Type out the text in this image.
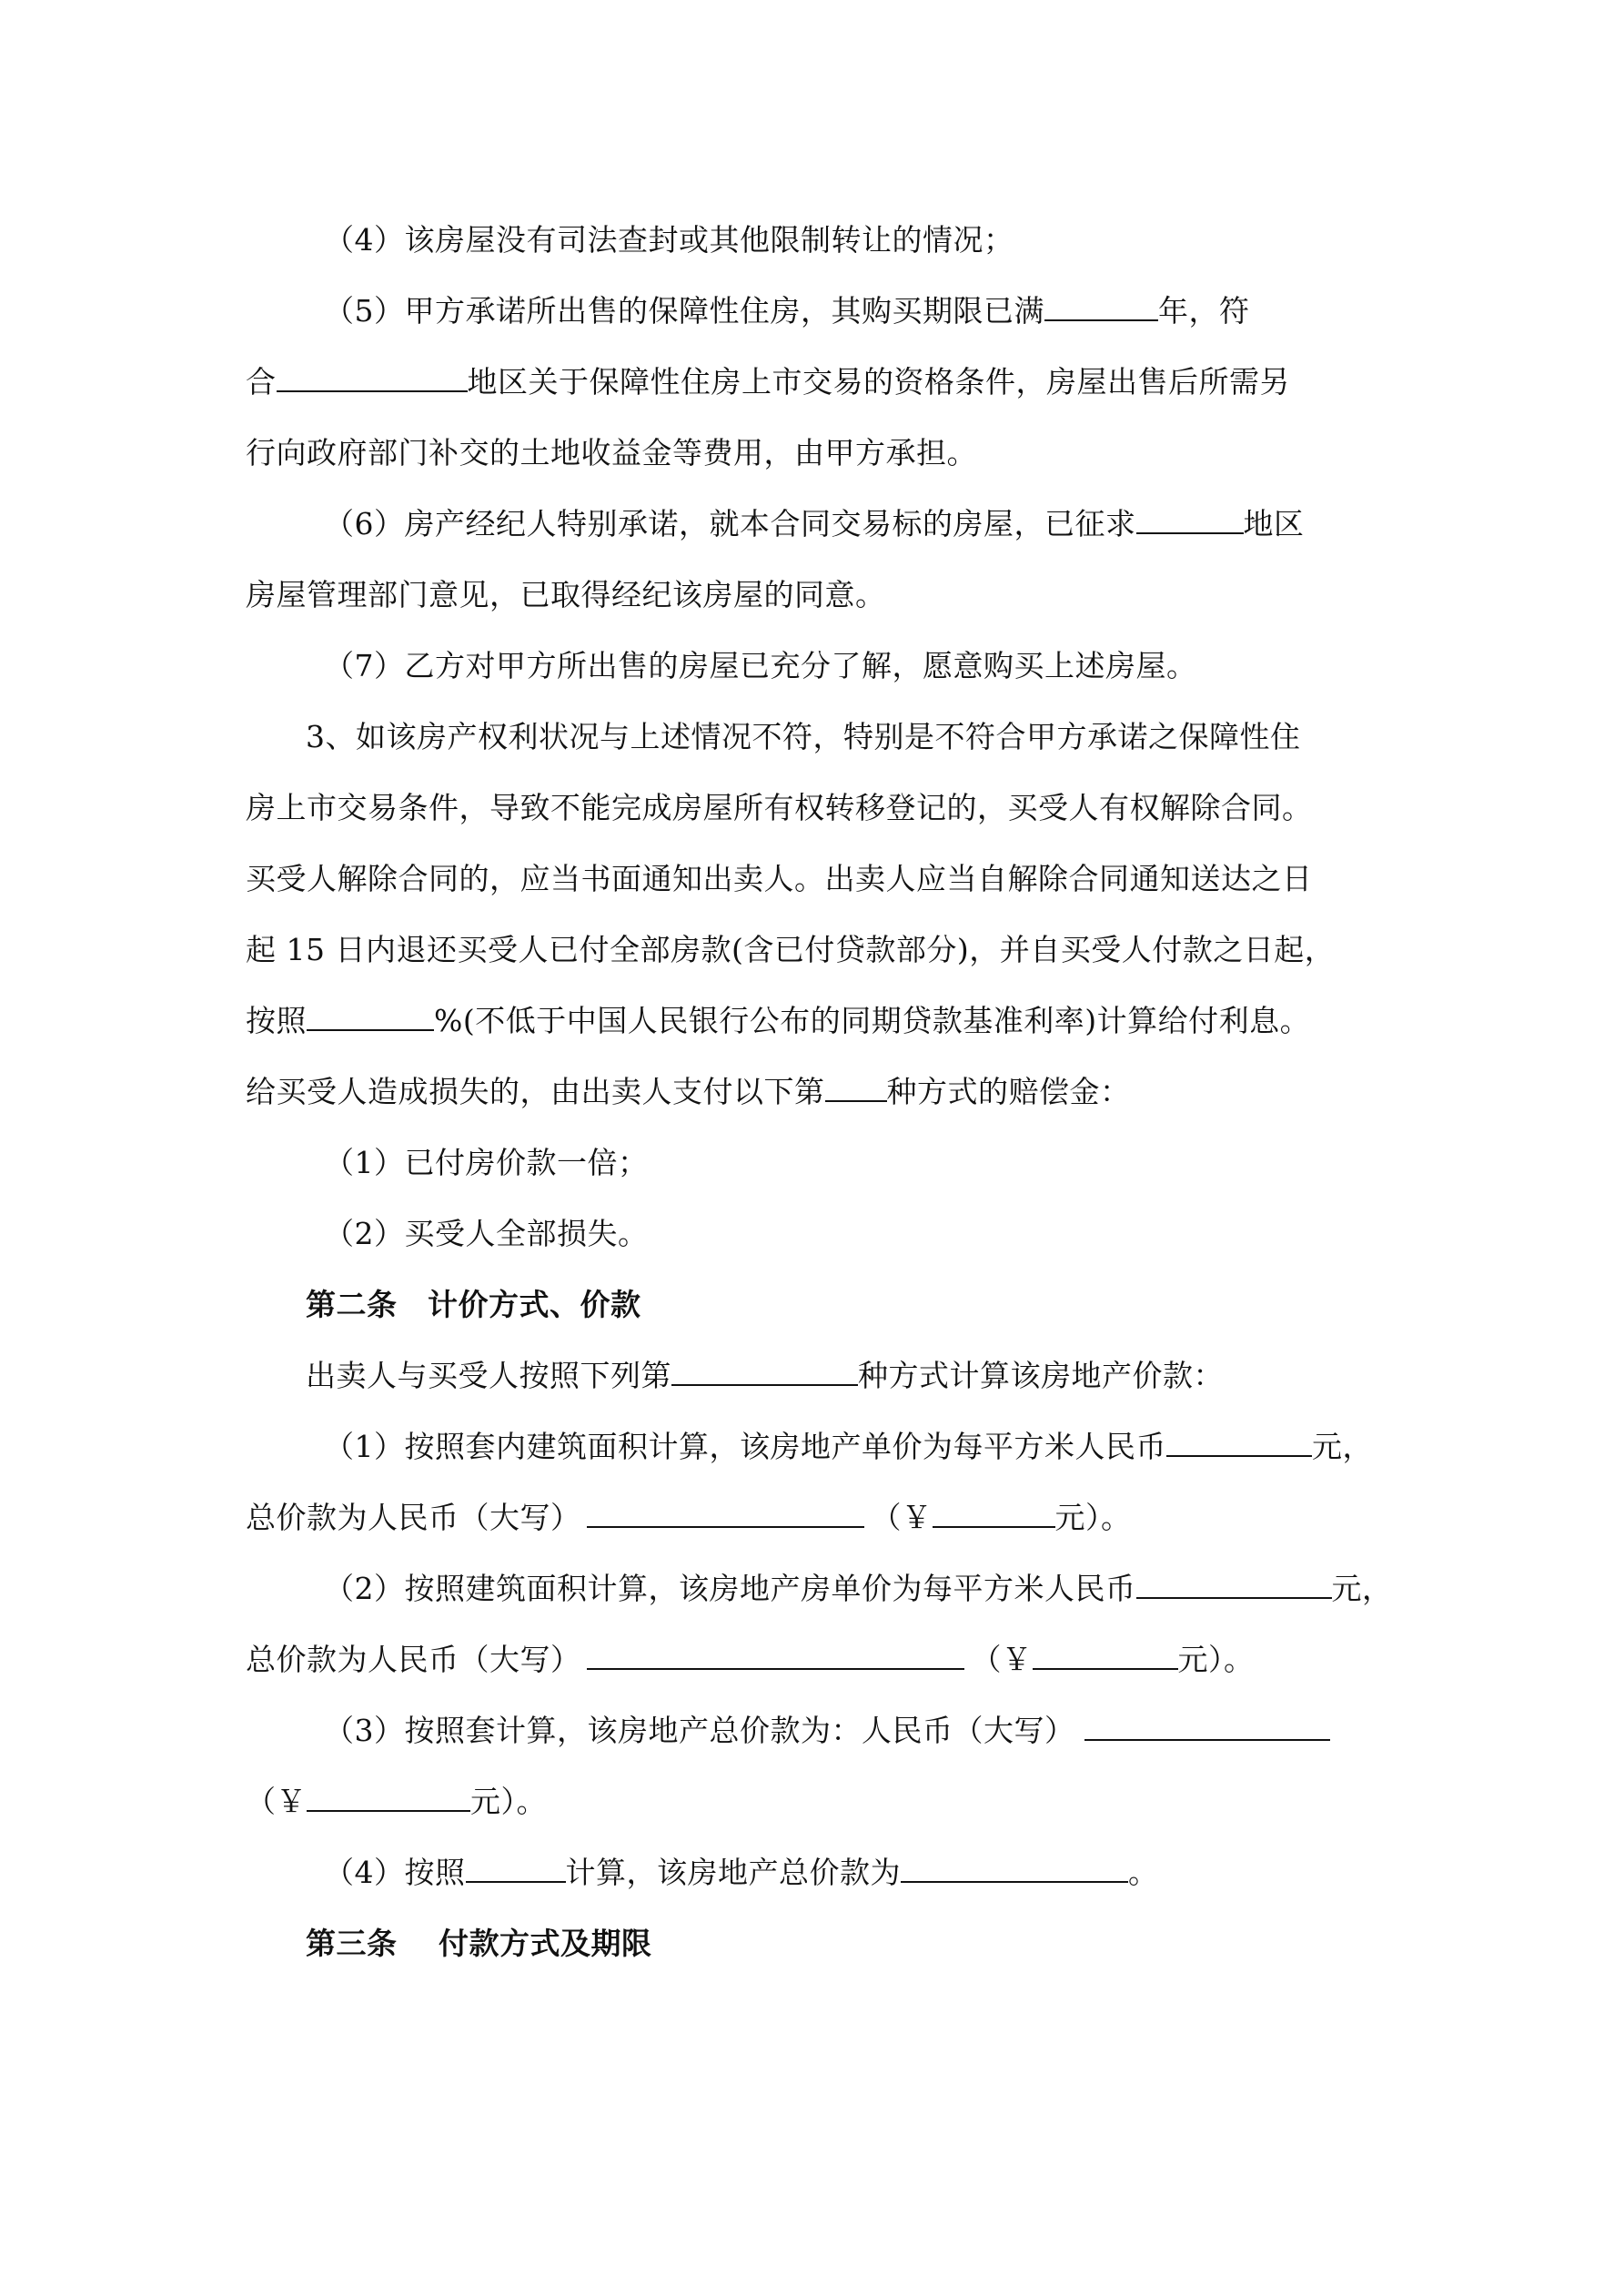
（4）该房屋没有司法查封或其他限制转让的情况；
（5）甲方承诺所出售的保障性住房，其购买期限已满	年，符
合	地区关于保障性住房上市交易的资格条件，房屋出售后所需另
行向政府部门补交的土地收益金等费用，由甲方承担。
（6）房产经纪人特别承诺，就本合同交易标的房屋，已征求	地区
房屋管理部门意见，已取得经纪该房屋的同意。
（7）乙方对甲方所出售的房屋已充分了解，愿意购买上述房屋。
3、如该房产权利状况与上述情况不符，特别是不符合甲方承诺之保障性住
房上市交易条件，导致不能完成房屋所有权转移登记的，买受人有权解除合同。
买受人解除合同的，应当书面通知出卖人。出卖人应当自解除合同通知送达之日
起 15 日内退还买受人已付全部房款(含已付贷款部分)，并自买受人付款之日起，
按照	%(不低于中国人民银行公布的同期贷款基准利率)计算给付利息。
给买受人造成损失的，由出卖人支付以下第 种方式的赔偿金：
（1）已付房价款一倍；
（2）买受人全部损失。
第二条　计价方式、价款
出卖人与买受人按照下列第	种方式计算该房地产价款：
（1）按照套内建筑面积计算，该房地产单价为每平方米人民币	元，
总价款为人民币（大写）	（￥	元）。
（2）按照建筑面积计算，该房地产房单价为每平方米人民币	元，
总价款为人民币（大写）	（￥	元）。
（3）按照套计算，该房地产总价款为：人民币（大写）
（￥	元）。
（4）按照	计算，该房地产总价款为	。
第三条　 付款方式及期限
